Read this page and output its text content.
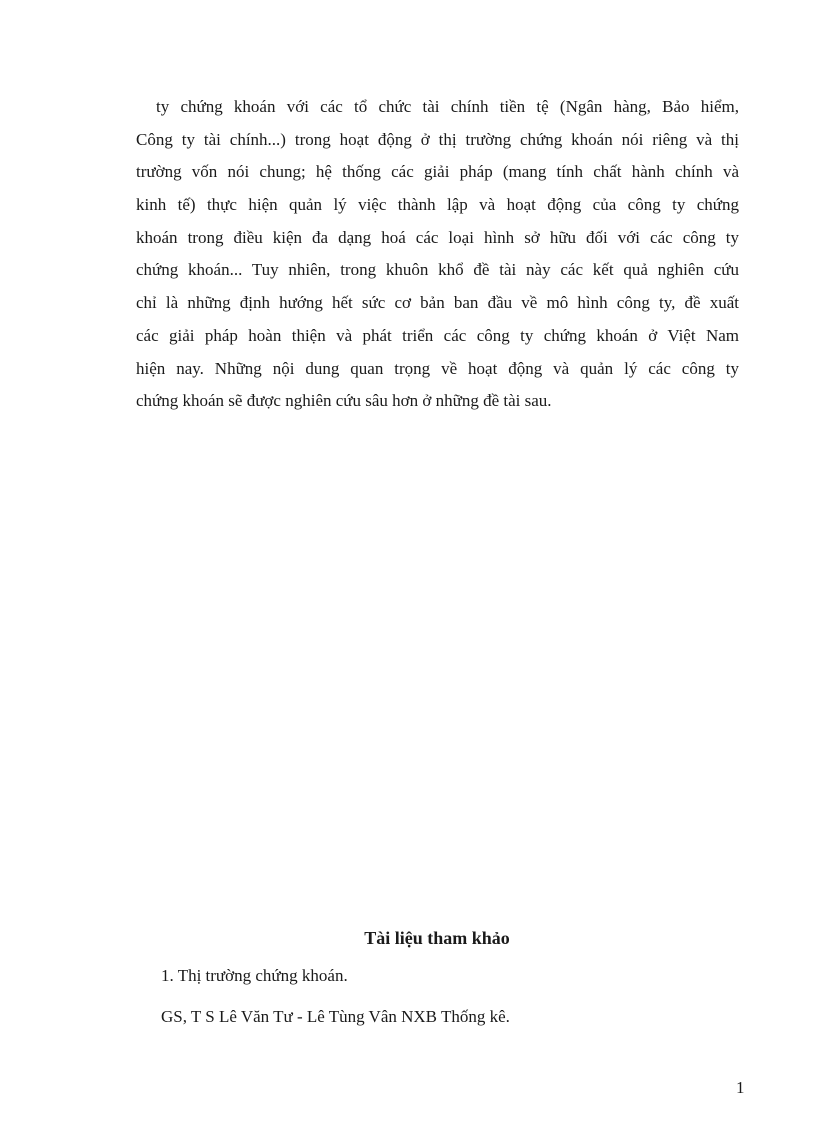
ty chứng khoán với các tổ chức tài chính tiền tệ (Ngân hàng, Bảo hiểm,
Công ty tài chính...) trong hoạt động ở thị trường chứng khoán nói riêng và thị
trường vốn nói chung; hệ thống các giải pháp (mang tính chất hành chính và
kinh tế) thực hiện quản lý việc thành lập và hoạt động của công ty chứng
khoán trong điều kiện đa dạng hoá các loại hình sở hữu đối với các công ty
chứng khoán... Tuy nhiên, trong khuôn khổ đề tài này các kết quả nghiên cứu
chỉ là những định hướng hết sức cơ bản ban đầu về mô hình công ty, đề xuất
các giải pháp hoàn thiện và phát triển các công ty chứng khoán ở Việt Nam
hiện nay. Những nội dung quan trọng về hoạt động và quản lý các công ty
chứng khoán sẽ được nghiên cứu sâu hơn ở những đề tài sau.
Tài liệu tham khảo

1. Thị trường chứng khoán.

GS, T S Lê Văn Tư - Lê Tùng Vân NXB Thống kê.

1
